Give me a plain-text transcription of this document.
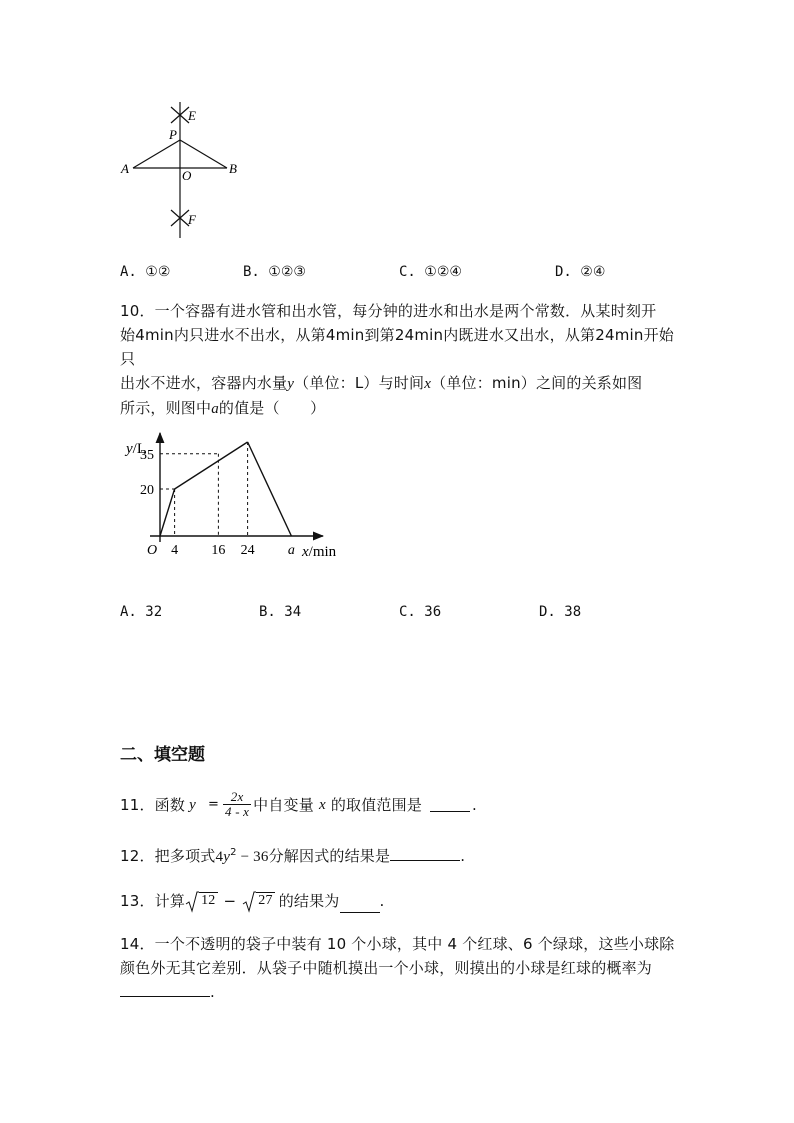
E
P
A	O	B
F
A. ①②	B. ①②③	C. ①②④	D. ②④
10．一个容器有进水管和出水管，每分钟的进水和出水是两个常数．从某时刻开
始4min内只进水不出水，从第4min到第24min内既进水又出水，从第24min开始只
出水不进水，容器内水量y（单位：L）与时间x（单位：min）之间的关系如图
所示，则图中a的值是（　　）
4 16 24 a
20
35
O
y/L
x/min
A. 32	B. 34	C. 36	D. 38
二、填空题
11．函数 $y = \frac{2x}{4 - x}$ 中自变量 x 的取值范围是	.
12．把多项式$4y^2 - 36$分解因式的结果是	.
13．计算	12 −	27 的结果为	.
14．一个不透明的袋子中装有 10 个小球，其中 4 个红球、6 个绿球，这些小球除
颜色外无其它差别．从袋子中随机摸出一个小球，则摸出的小球是红球的概率为
.
